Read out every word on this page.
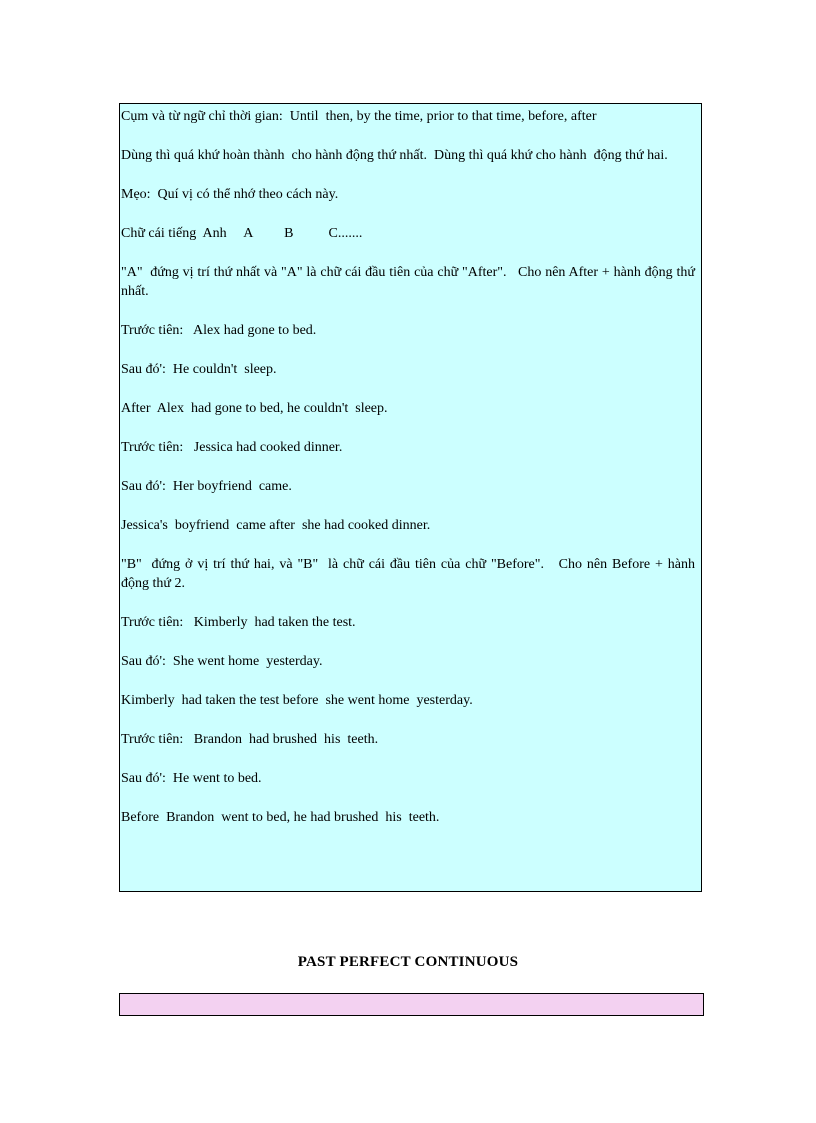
Cụm và từ ngữ chỉ thời gian:  Until  then, by the time, prior to that time, before, after

Dùng thì quá khứ hoàn thành  cho hành động thứ nhất.  Dùng thì quá khứ cho hành  động thứ hai.

Mẹo:  Quí vị có thể nhớ theo cách này.

Chữ cái tiếng  Anh     A         B          C.......

"A"  đứng vị trí thứ nhất và "A" là chữ cái đầu tiên của chữ "After".   Cho nên After + hành động thứ nhất.

Trước tiên:   Alex had gone to bed.

Sau đó':  He couldn't  sleep.

After  Alex  had gone to bed, he couldn't  sleep.

Trước tiên:   Jessica had cooked dinner.

Sau đó':  Her boyfriend  came.

Jessica's  boyfriend  came after  she had cooked dinner.

"B"  đứng ở vị trí thứ hai, và "B"  là chữ cái đầu tiên của chữ "Before".   Cho nên Before + hành  động thứ 2.

Trước tiên:   Kimberly  had taken the test.

Sau đó':  She went home  yesterday.

Kimberly  had taken the test before  she went home  yesterday.

Trước tiên:   Brandon  had brushed  his  teeth.

Sau đó':  He went to bed.

Before  Brandon  went to bed, he had brushed  his  teeth.

PAST PERFECT CONTINUOUS
